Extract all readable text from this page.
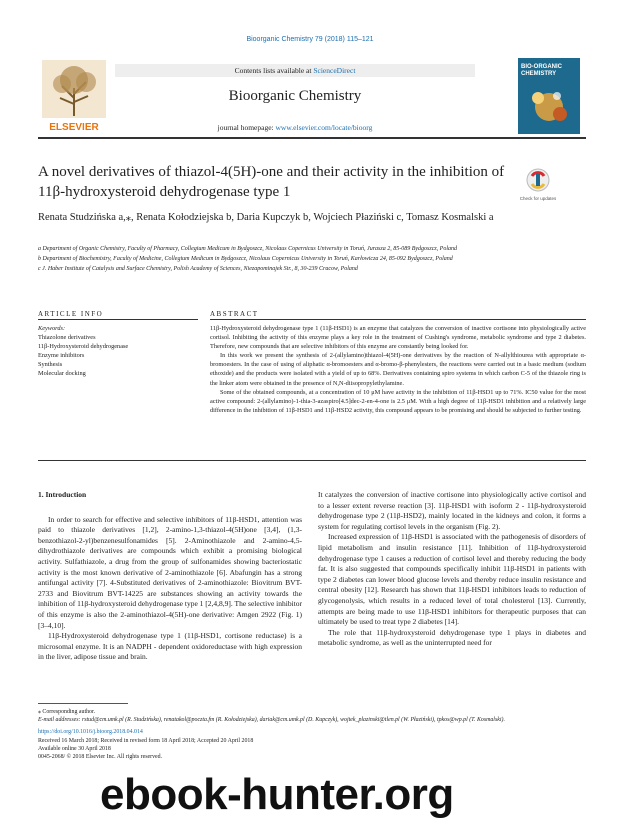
Bioorganic Chemistry 79 (2018) 115–121
ELSEVIER
Contents lists available at ScienceDirect
Bioorganic Chemistry
journal homepage: www.elsevier.com/locate/bioorg
BIO-ORGANIC CHEMISTRY
A novel derivatives of thiazol-4(5H)-one and their activity in the inhibition of 11β-hydroxysteroid dehydrogenase type 1	Check for updates
Renata Studzińska a,⁎, Renata Kołodziejska b, Daria Kupczyk b, Wojciech Płaziński c, Tomasz Kosmalski a
a Department of Organic Chemistry, Faculty of Pharmacy, Collegium Medicum in Bydgoszcz, Nicolaus Copernicus University in Toruń, Jurasza 2, 85-089 Bydgoszcz, Poland
b Department of Biochemistry, Faculty of Medicine, Collegium Medicum in Bydgoszcz, Nicolaus Copernicus University in Toruń, Karłowicza 24, 85-092 Bydgoszcz, Poland
c J. Haber Institute of Catalysis and Surface Chemistry, Polish Academy of Sciences, Niezapominajek Str., 8, 30-239 Cracow, Poland
ARTICLE INFO	ABSTRACT
Keywords:
Thiazolone derivatives
11β-Hydroxysteroid dehydrogenase
Enzyme inhibitors
Synthesis
Molecular docking

11β-Hydroxysteroid dehydrogenase type 1 (11β-HSD1) is an enzyme that catalyzes the conversion of inactive cortisone into physiologically active cortisol. Inhibiting the activity of this enzyme plays a key role in the treatment of Cushing's syndrome, metabolic syndrome and type 2 diabetes. Therefore, new compounds that are selective inhibitors of this enzyme are constantly being looked for.

In this work we present the synthesis of 2-(allylamino)thiazol-4(5H)-one derivatives by the reaction of N-allylthiourea with appropriate α-bromoesters. In the case of using of aliphatic α-bromoesters and α-bromo-β-phenylesters, the reactions were carried out in a basic medium (sodium ethoxide) and the products were isolated with a yield of up to 68%. Derivatives containing spiro systems in which carbon C-5 of the thiazole ring is the linker atom were obtained in the presence of N,N-diisopropylethylamine.

Some of the obtained compounds, at a concentration of 10 μM have activity in the inhibition of 11β-HSD1 up to 71%. IC50 value for the most active compound: 2-(allylamino)-1-thia-3-azaspiro[4.5]dec-2-en-4-one is 2.5 μM. With a high degree of 11β-HSD1 inhibition and a relatively large difference in the inhibition of 11β-HSD1 and 11β-HSD2 activity, this compound appears to be promising and should be subjected to further testing.

1. Introduction

In order to search for effective and selective inhibitors of 11β-HSD1, attention was paid to thiazole derivatives [1,2], 2-amino-1,3-thiazol-4(5H)one [3,4], (1,3-benzothiazol-2-yl)benzenesulfonamides [5]. 2-Aminothiazole and 2-amino-4,5-dihydrothiazole derivatives are compounds which exhibit a promising biological activity. Sulfathiazole, a drug from the group of sulfonamides showing bacteriostatic activity is the most known derivative of 2-aminothiazole [6]. Abafungin has a strong antifungal activity [7]. 4-Substituted derivatives of 2-aminothiazole: Biovitrum BVT-2733 and Biovitrum BVT-14225 are substances showing an activity towards the inhibition of 11β-hydroxysteroid dehydrogenase type 1 [2,4,8,9]. The selective inhibitor of this enzyme is also the 2-aminothiazol-4(5H)-one derivative: Amgen 2922 (Fig. 1) [3–4,10].

11β-Hydroxysteroid dehydrogenase type 1 (11β-HSD1, cortisone reductase) is a microsomal enzyme. It is an NADPH - dependent oxidoreductase with high expression in the liver, adipose tissue and brain.

It catalyzes the conversion of inactive cortisone into physiologically active cortisol and to a lesser extent reverse reaction [3]. 11β-HSD1 with isoform 2 - 11β-hydroxysteroid dehydrogenase type 2 (11β-HSD2), mainly located in the kidneys and colon, it forms a system for regulating cortisol levels in the organism (Fig. 2).

Increased expression of 11β-HSD1 is associated with the pathogenesis of disorders of lipid metabolism and insulin resistance [11]. Inhibition of 11β-hydroxysteroid dehydrogenase type 1 causes a reduction of cortisol level and thereby reducing the body fat. It is also suggested that compounds specifically inhibit 11β-HSD1 in patients with type 2 diabetes can lower blood glucose levels and thereby reduce insulin resistance and central obesity [12]. Research has shown that 11β-HSD1 inhibitors leads to reduction of glycogenolysis, which results in a reduced level of total cholesterol [13]. Currently, attempts are being made to use 11β-HSD1 inhibitors for therapeutic purposes that can ultimately be used to treat type 2 diabetes [14].

The role that 11β-hydroxysteroid dehydrogenase type 1 plays in diabetes and metabolic syndrome, as well as the uninterrupted need for

⁎ Corresponding author.
E-mail addresses: rstud@cm.umk.pl (R. Studzińska), renatakol@poczta.fm (R. Kołodziejska), dariak@cm.umk.pl (D. Kupczyk), wojtek_plazinski@tlen.pl (W. Płaziński), tpkos@wp.pl (T. Kosmalski).
https://doi.org/10.1016/j.bioorg.2018.04.014
Received 16 March 2018; Received in revised form 18 April 2018; Accepted 20 April 2018
Available online 30 April 2018
0045-2068/ © 2018 Elsevier Inc. All rights reserved.
ebook-hunter.org
